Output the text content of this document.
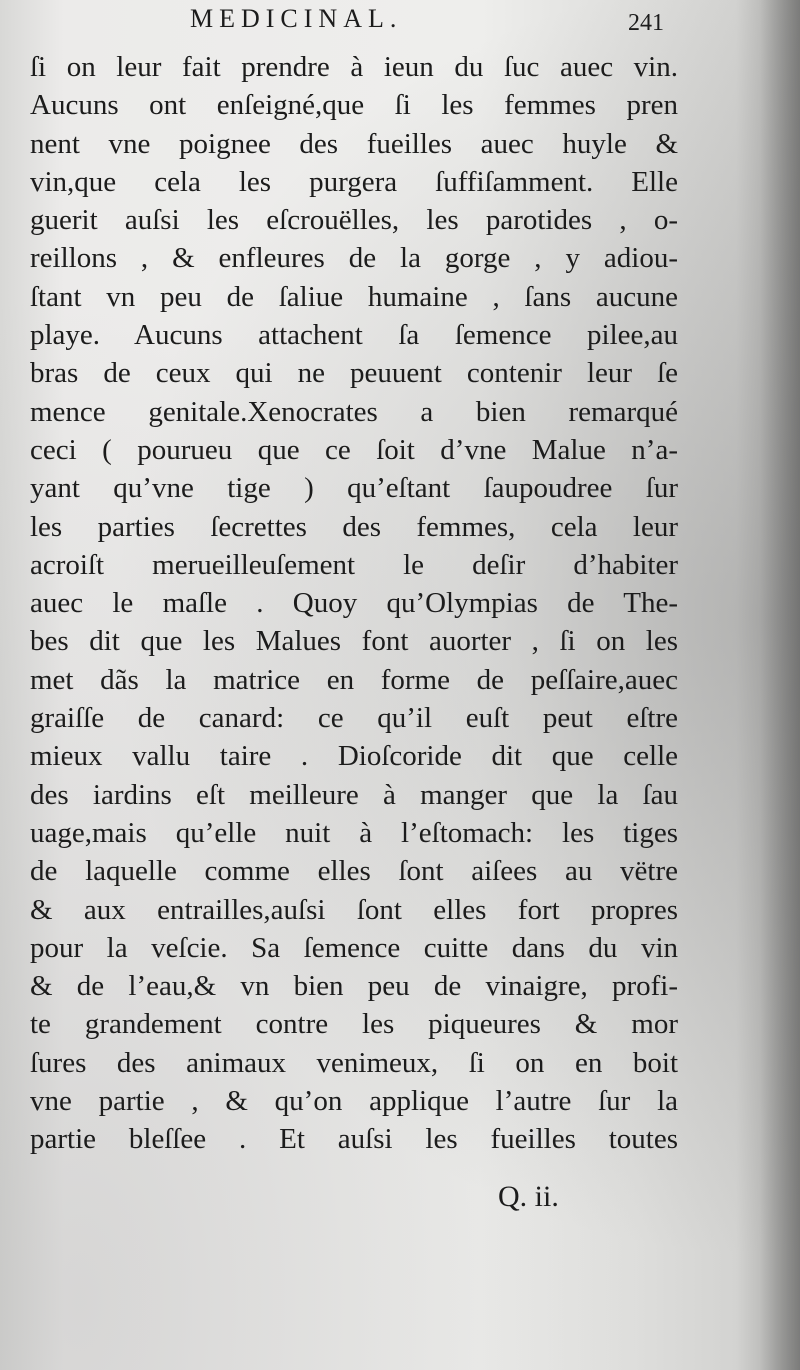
MEDICINAL.	241
ſi on leur fait prendre à ieun du ſuc auec vin.
Aucuns ont enſeigné,que ſi les femmes pren
nent vne poignee des fueilles auec huyle &
vin,que cela les purgera ſuffiſamment. Elle
guerit auſsi les eſcrouëlles, les parotides , o-
reillons , & enfleures de la gorge , y adiou-
ſtant vn peu de ſaliue humaine , ſans aucune
playe. Aucuns attachent ſa ſemence pilee,au
bras de ceux qui ne peuuent contenir leur ſe
mence genitale.Xenocrates a bien remarqué
ceci ( pourueu que ce ſoit d’vne Malue n’a-
yant qu’vne tige ) qu’eſtant ſaupoudree ſur
les parties ſecrettes des femmes, cela leur
acroiſt merueilleuſement le deſir d’habiter
auec le maſle . Quoy qu’Olympias de The-
bes dit que les Malues font auorter , ſi on les
met dãs la matrice en forme de peſſaire,auec
graiſſe de canard: ce qu’il euſt peut eſtre
mieux vallu taire . Dioſcoride dit que celle
des iardins eſt meilleure à manger que la ſau
uage,mais qu’elle nuit à l’eſtomach: les tiges
de laquelle comme elles ſont aiſees au vëtre
& aux entrailles,auſsi ſont elles fort propres
pour la veſcie. Sa ſemence cuitte dans du vin
& de l’eau,& vn bien peu de vinaigre, profi-
te grandement contre les piqueures & mor
ſures des animaux venimeux, ſi on en boit
vne partie , & qu’on applique l’autre ſur la
partie bleſſee . Et auſsi les fueilles toutes
Q. ii.
